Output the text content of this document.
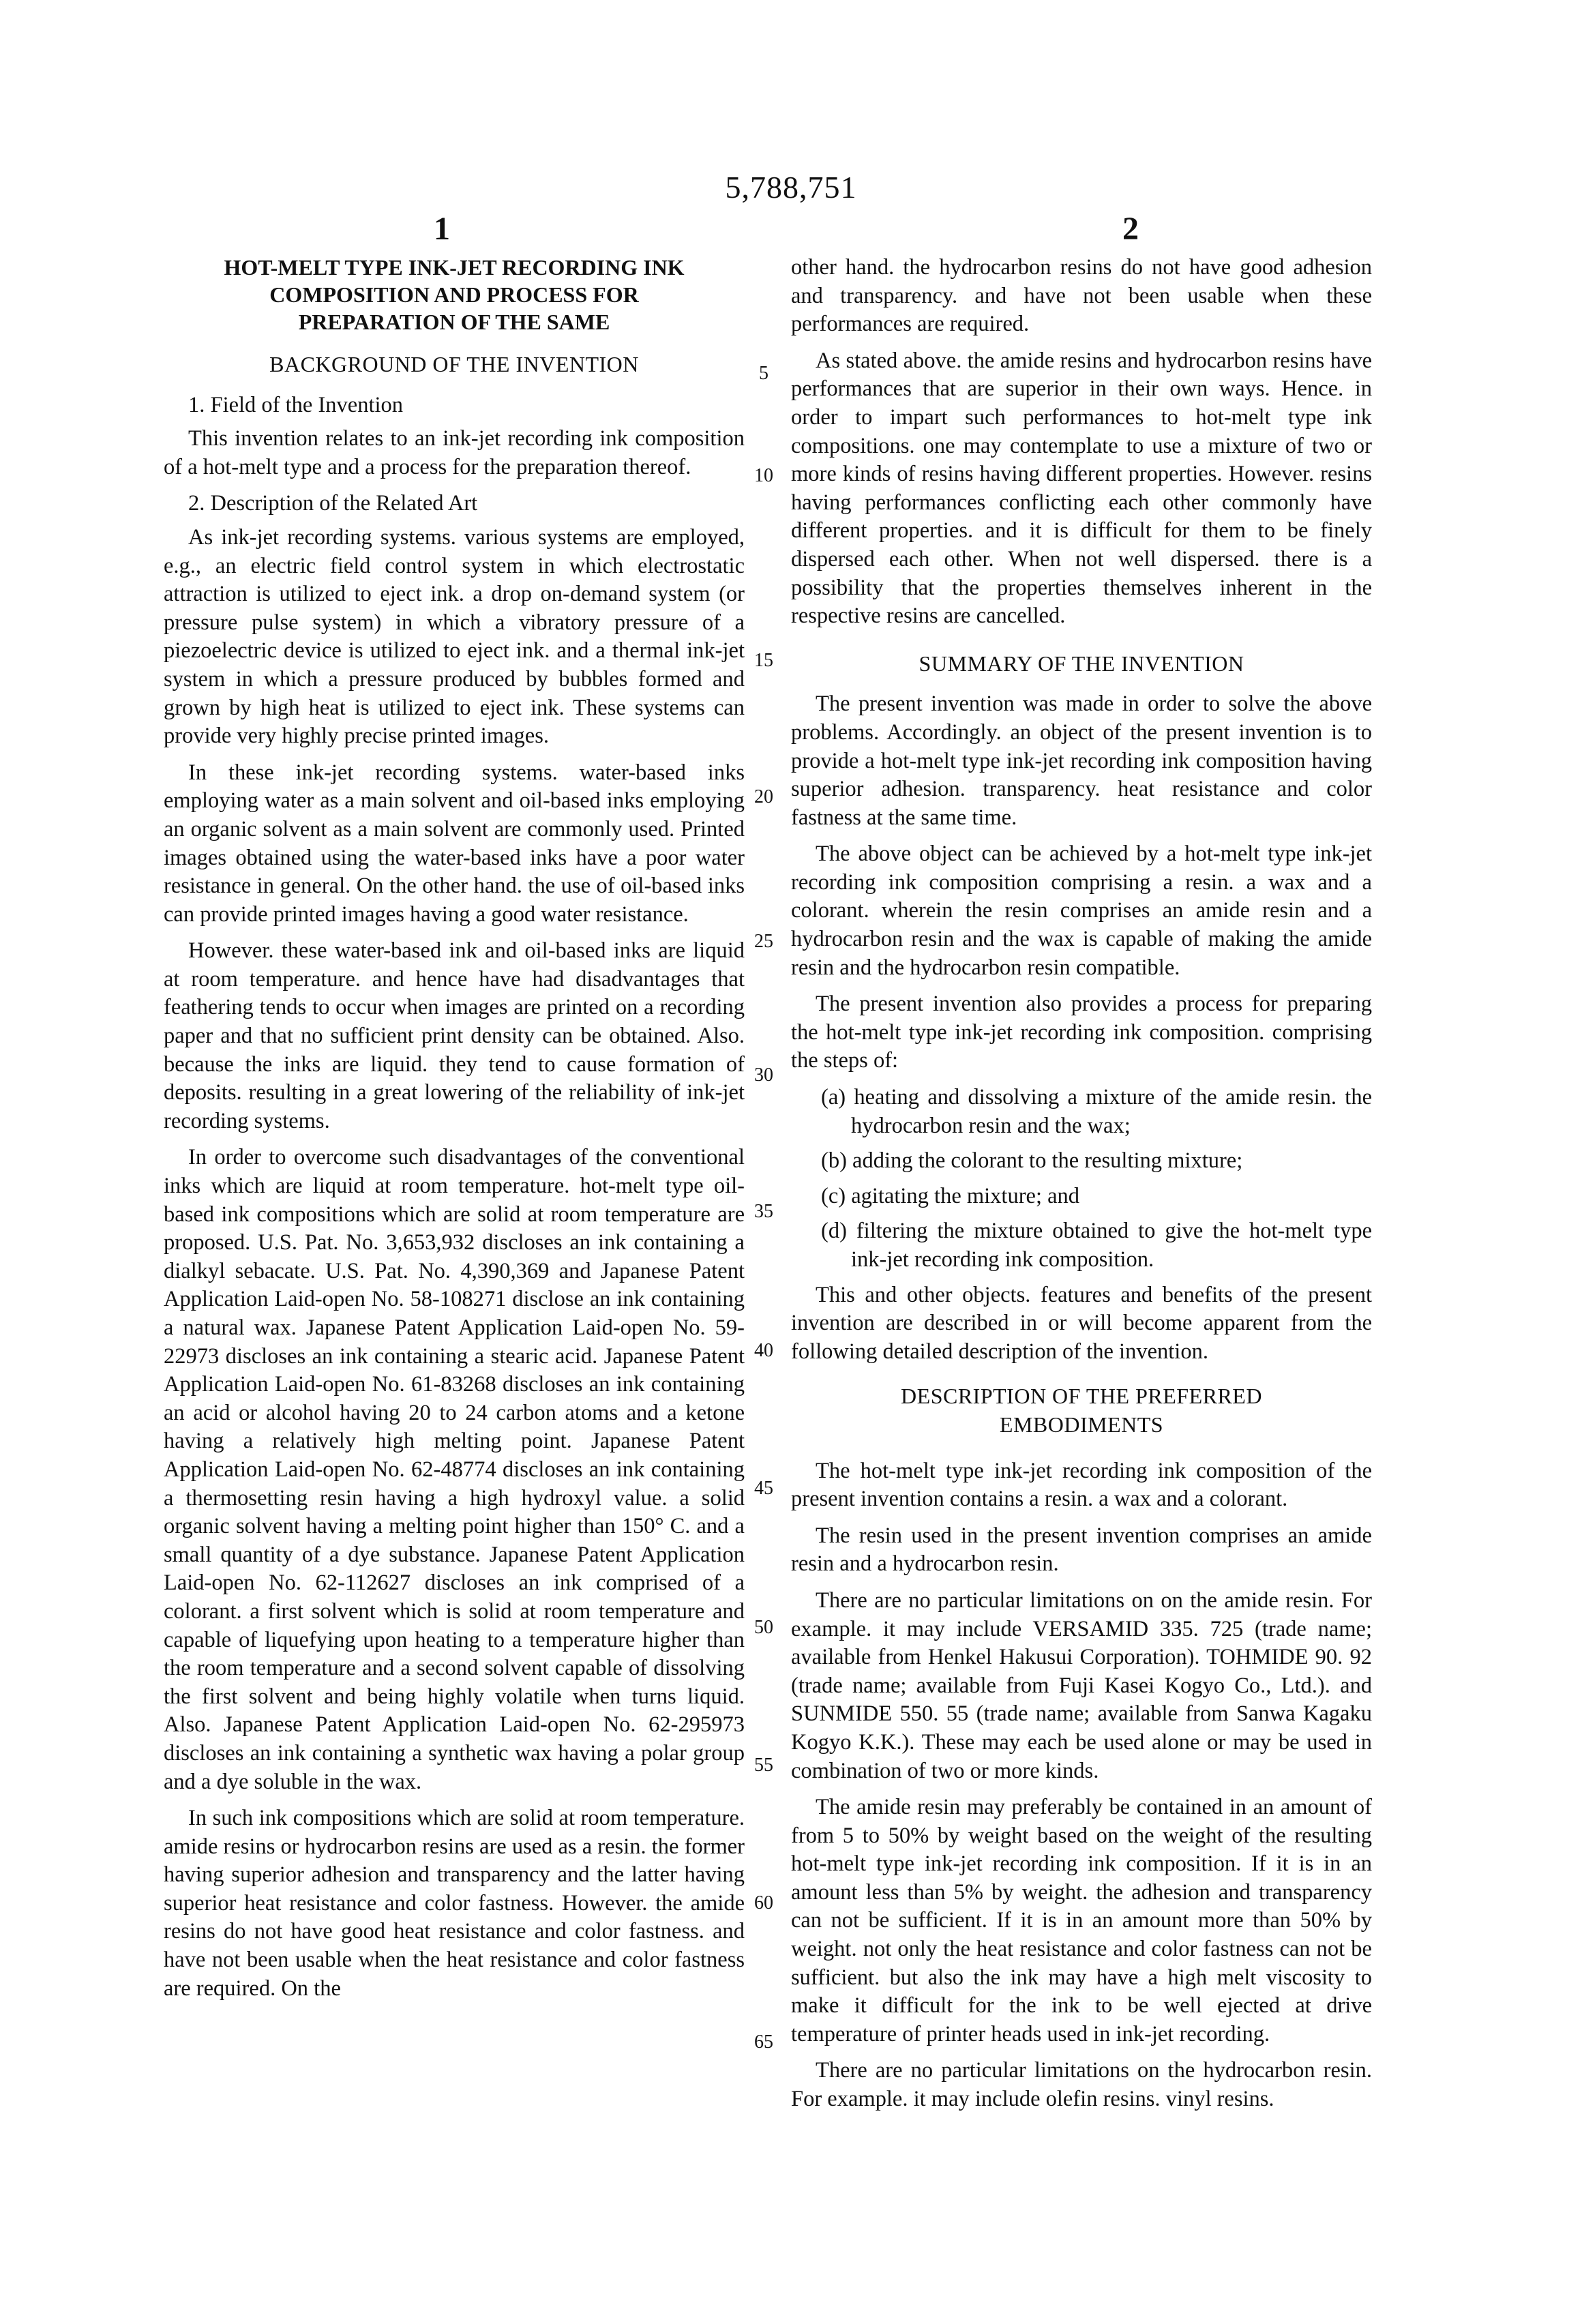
5,788,751
1	2
HOT-MELT TYPE INK-JET RECORDING INK COMPOSITION AND PROCESS FOR PREPARATION OF THE SAME
BACKGROUND OF THE INVENTION

1. Field of the Invention

This invention relates to an ink-jet recording ink composition of a hot-melt type and a process for the preparation thereof.

2. Description of the Related Art

As ink-jet recording systems. various systems are employed, e.g., an electric field control system in which electrostatic attraction is utilized to eject ink. a drop on-demand system (or pressure pulse system) in which a vibratory pressure of a piezoelectric device is utilized to eject ink. and a thermal ink-jet system in which a pressure produced by bubbles formed and grown by high heat is utilized to eject ink. These systems can provide very highly precise printed images.

In these ink-jet recording systems. water-based inks employing water as a main solvent and oil-based inks employing an organic solvent as a main solvent are commonly used. Printed images obtained using the water-based inks have a poor water resistance in general. On the other hand. the use of oil-based inks can provide printed images having a good water resistance.

However. these water-based ink and oil-based inks are liquid at room temperature. and hence have had disadvantages that feathering tends to occur when images are printed on a recording paper and that no sufficient print density can be obtained. Also. because the inks are liquid. they tend to cause formation of deposits. resulting in a great lowering of the reliability of ink-jet recording systems.

In order to overcome such disadvantages of the conventional inks which are liquid at room temperature. hot-melt type oil-based ink compositions which are solid at room temperature are proposed. U.S. Pat. No. 3,653,932 discloses an ink containing a dialkyl sebacate. U.S. Pat. No. 4,390,369 and Japanese Patent Application Laid-open No. 58-108271 disclose an ink containing a natural wax. Japanese Patent Application Laid-open No. 59-22973 discloses an ink containing a stearic acid. Japanese Patent Application Laid-open No. 61-83268 discloses an ink containing an acid or alcohol having 20 to 24 carbon atoms and a ketone having a relatively high melting point. Japanese Patent Application Laid-open No. 62-48774 discloses an ink containing a thermosetting resin having a high hydroxyl value. a solid organic solvent having a melting point higher than 150° C. and a small quantity of a dye substance. Japanese Patent Application Laid-open No. 62-112627 discloses an ink comprised of a colorant. a first solvent which is solid at room temperature and capable of liquefying upon heating to a temperature higher than the room temperature and a second solvent capable of dissolving the first solvent and being highly volatile when turns liquid. Also. Japanese Patent Application Laid-open No. 62-295973 discloses an ink containing a synthetic wax having a polar group and a dye soluble in the wax.

In such ink compositions which are solid at room temperature. amide resins or hydrocarbon resins are used as a resin. the former having superior adhesion and transparency and the latter having superior heat resistance and color fastness. However. the amide resins do not have good heat resistance and color fastness. and have not been usable when the heat resistance and color fastness are required. On the

other hand. the hydrocarbon resins do not have good adhesion and transparency. and have not been usable when these performances are required.

As stated above. the amide resins and hydrocarbon resins have performances that are superior in their own ways. Hence. in order to impart such performances to hot-melt type ink compositions. one may contemplate to use a mixture of two or more kinds of resins having different properties. However. resins having performances conflicting each other commonly have different properties. and it is difficult for them to be finely dispersed each other. When not well dispersed. there is a possibility that the properties themselves inherent in the respective resins are cancelled.

SUMMARY OF THE INVENTION

The present invention was made in order to solve the above problems. Accordingly. an object of the present invention is to provide a hot-melt type ink-jet recording ink composition having superior adhesion. transparency. heat resistance and color fastness at the same time.

The above object can be achieved by a hot-melt type ink-jet recording ink composition comprising a resin. a wax and a colorant. wherein the resin comprises an amide resin and a hydrocarbon resin and the wax is capable of making the amide resin and the hydrocarbon resin compatible.

The present invention also provides a process for preparing the hot-melt type ink-jet recording ink composition. comprising the steps of:

(a) heating and dissolving a mixture of the amide resin. the hydrocarbon resin and the wax;
(b) adding the colorant to the resulting mixture;
(c) agitating the mixture; and
(d) filtering the mixture obtained to give the hot-melt type ink-jet recording ink composition.

This and other objects. features and benefits of the present invention are described in or will become apparent from the following detailed description of the invention.

DESCRIPTION OF THE PREFERRED EMBODIMENTS

The hot-melt type ink-jet recording ink composition of the present invention contains a resin. a wax and a colorant.

The resin used in the present invention comprises an amide resin and a hydrocarbon resin.

There are no particular limitations on on the amide resin. For example. it may include VERSAMID 335. 725 (trade name; available from Henkel Hakusui Corporation). TOHMIDE 90. 92 (trade name; available from Fuji Kasei Kogyo Co., Ltd.). and SUNMIDE 550. 55 (trade name; available from Sanwa Kagaku Kogyo K.K.). These may each be used alone or may be used in combination of two or more kinds.

The amide resin may preferably be contained in an amount of from 5 to 50% by weight based on the weight of the resulting hot-melt type ink-jet recording ink composition. If it is in an amount less than 5% by weight. the adhesion and transparency can not be sufficient. If it is in an amount more than 50% by weight. not only the heat resistance and color fastness can not be sufficient. but also the ink may have a high melt viscosity to make it difficult for the ink to be well ejected at drive temperature of printer heads used in ink-jet recording.

There are no particular limitations on the hydrocarbon resin. For example. it may include olefin resins. vinyl resins.

5
10
15
20
25
30
35
40
45
50
55
60
65
